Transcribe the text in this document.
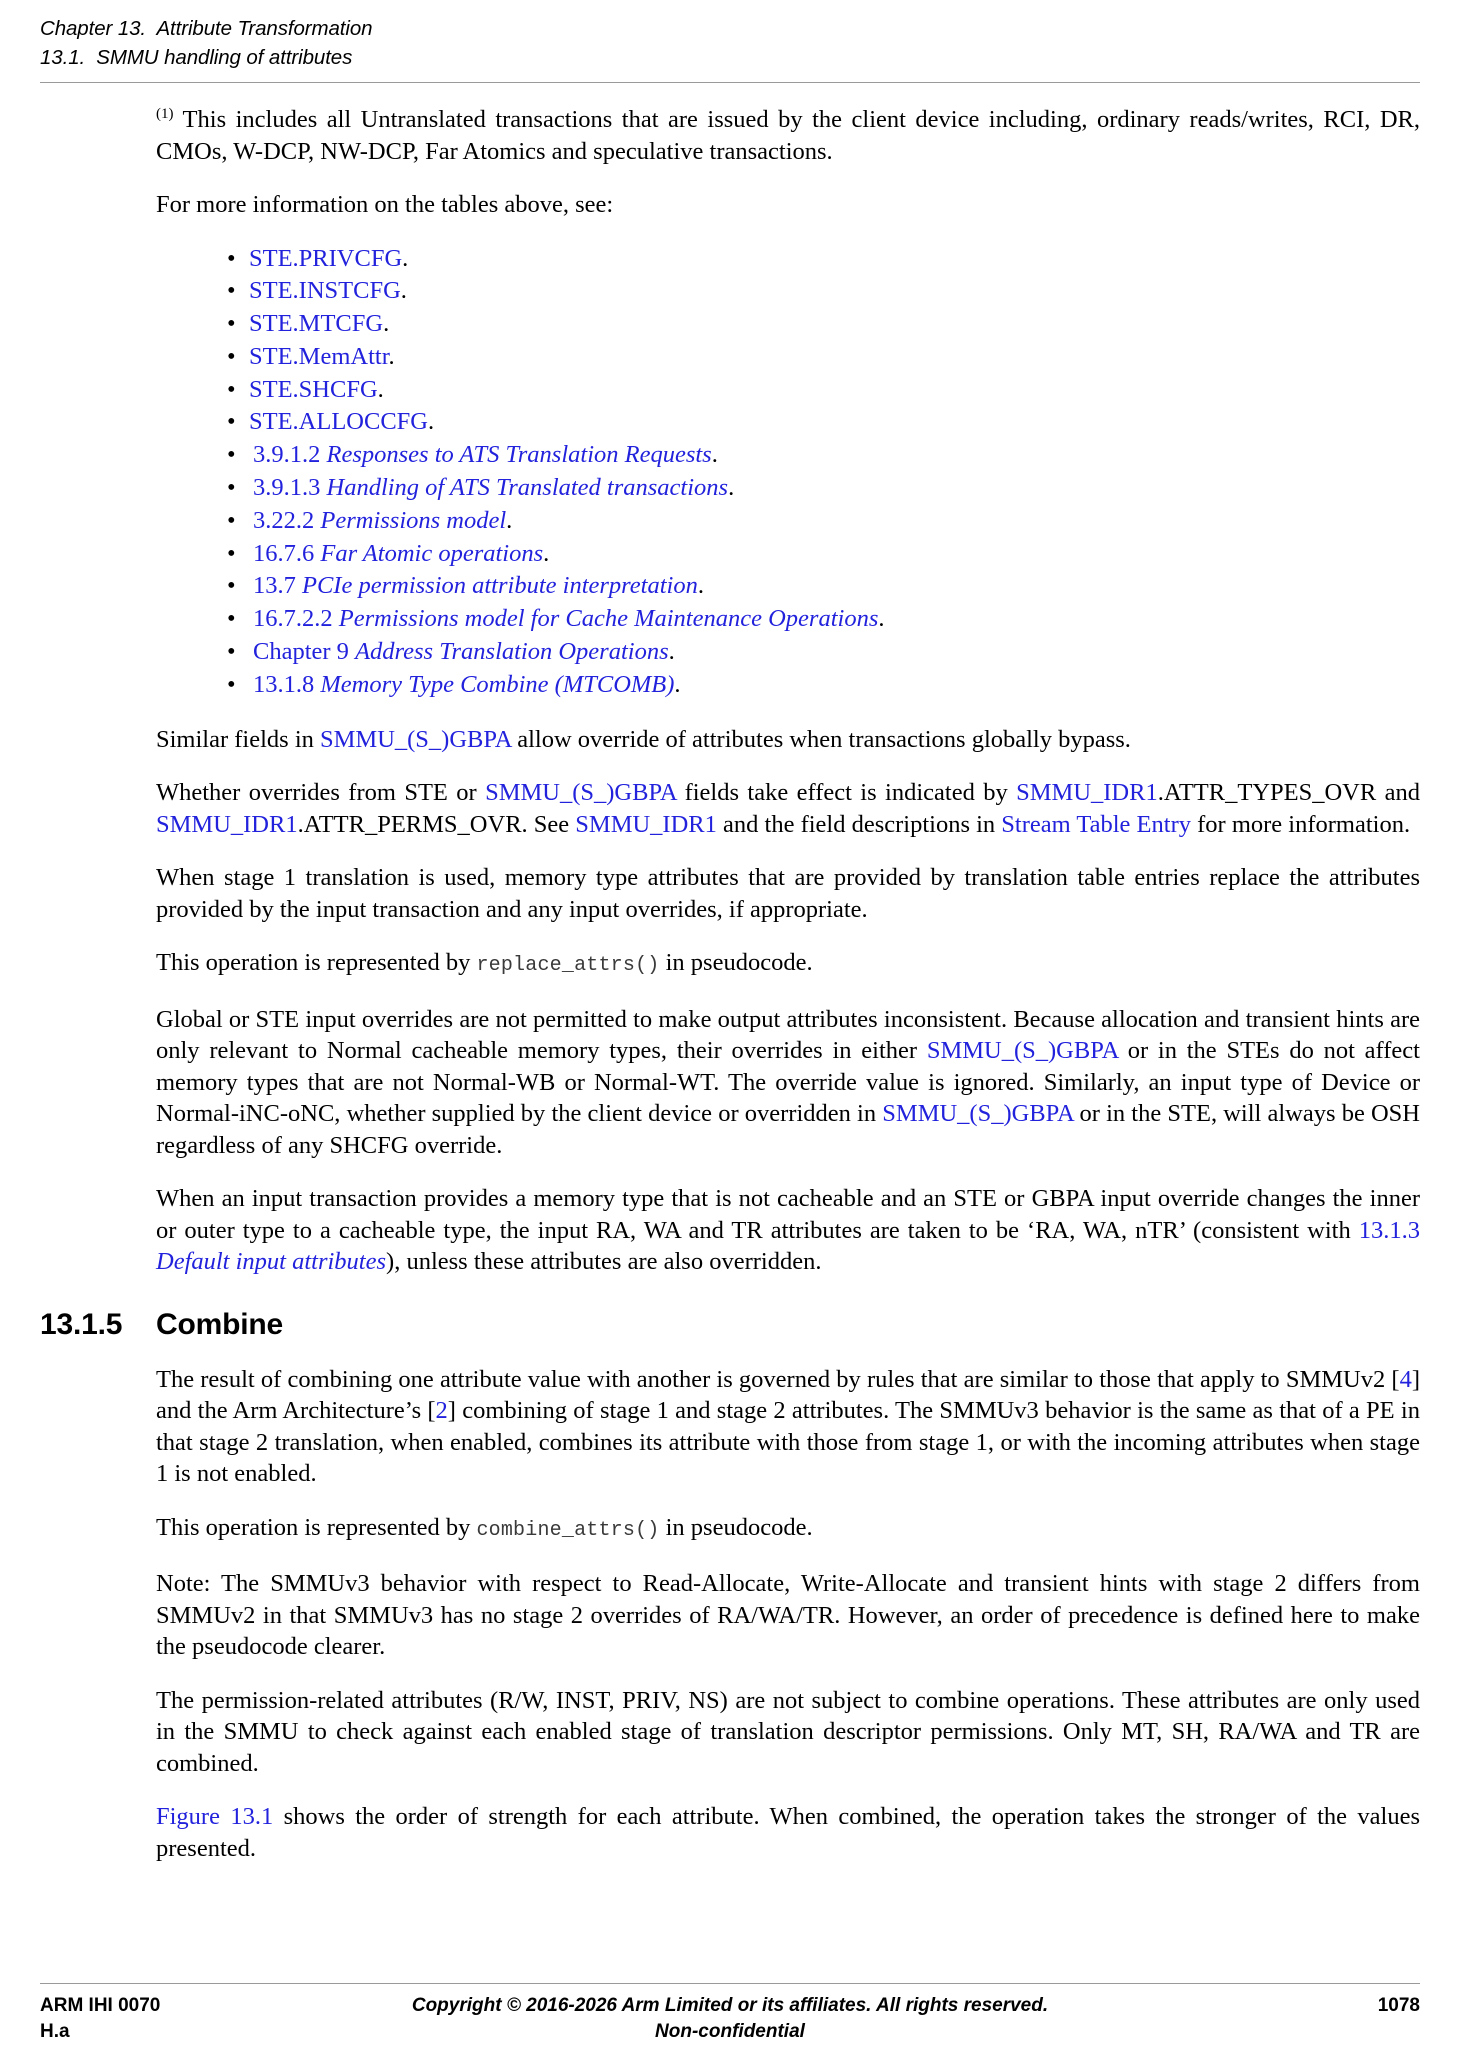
Chapter 13.  Attribute Transformation
13.1.  SMMU handling of attributes

$^{(1)}$ This includes all Untranslated transactions that are issued by the client device including, ordinary reads/writes, RCI, DR, CMOs, W-DCP, NW-DCP, Far Atomics and speculative transactions.

For more information on the tables above, see:

• STE.PRIVCFG.
• STE.INSTCFG.
• STE.MTCFG.
• STE.MemAttr.
• STE.SHCFG.
• STE.ALLOCCFG.
• 3.9.1.2 Responses to ATS Translation Requests.
• 3.9.1.3 Handling of ATS Translated transactions.
• 3.22.2 Permissions model.
• 16.7.6 Far Atomic operations.
• 13.7 PCIe permission attribute interpretation.
• 16.7.2.2 Permissions model for Cache Maintenance Operations.
• Chapter 9 Address Translation Operations.
• 13.1.8 Memory Type Combine (MTCOMB).

Similar fields in SMMU_(S_)GBPA allow override of attributes when transactions globally bypass.

Whether overrides from STE or SMMU_(S_)GBPA fields take effect is indicated by SMMU_IDR1.ATTR_TYPES_OVR and SMMU_IDR1.ATTR_PERMS_OVR. See SMMU_IDR1 and the field descriptions in Stream Table Entry for more information.

When stage 1 translation is used, memory type attributes that are provided by translation table entries replace the attributes provided by the input transaction and any input overrides, if appropriate.

This operation is represented by replace_attrs() in pseudocode.

Global or STE input overrides are not permitted to make output attributes inconsistent. Because allocation and transient hints are only relevant to Normal cacheable memory types, their overrides in either SMMU_(S_)GBPA or in the STEs do not affect memory types that are not Normal-WB or Normal-WT. The override value is ignored. Similarly, an input type of Device or Normal-iNC-oNC, whether supplied by the client device or overridden in SMMU_(S_)GBPA or in the STE, will always be OSH regardless of any SHCFG override.

When an input transaction provides a memory type that is not cacheable and an STE or GBPA input override changes the inner or outer type to a cacheable type, the input RA, WA and TR attributes are taken to be ‘RA, WA, nTR’ (consistent with 13.1.3 Default input attributes), unless these attributes are also overridden.

13.1.5 Combine

The result of combining one attribute value with another is governed by rules that are similar to those that apply to SMMUv2 [4] and the Arm Architecture’s [2] combining of stage 1 and stage 2 attributes. The SMMUv3 behavior is the same as that of a PE in that stage 2 translation, when enabled, combines its attribute with those from stage 1, or with the incoming attributes when stage 1 is not enabled.

This operation is represented by combine_attrs() in pseudocode.

Note: The SMMUv3 behavior with respect to Read-Allocate, Write-Allocate and transient hints with stage 2 differs from SMMUv2 in that SMMUv3 has no stage 2 overrides of RA/WA/TR. However, an order of precedence is defined here to make the pseudocode clearer.

The permission-related attributes (R/W, INST, PRIV, NS) are not subject to combine operations. These attributes are only used in the SMMU to check against each enabled stage of translation descriptor permissions. Only MT, SH, RA/WA and TR are combined.

Figure 13.1 shows the order of strength for each attribute. When combined, the operation takes the stronger of the values presented.

ARM IHI 0070	Copyright © 2016-2026 Arm Limited or its affiliates. All rights reserved.	1078
H.a	Non-confidential
